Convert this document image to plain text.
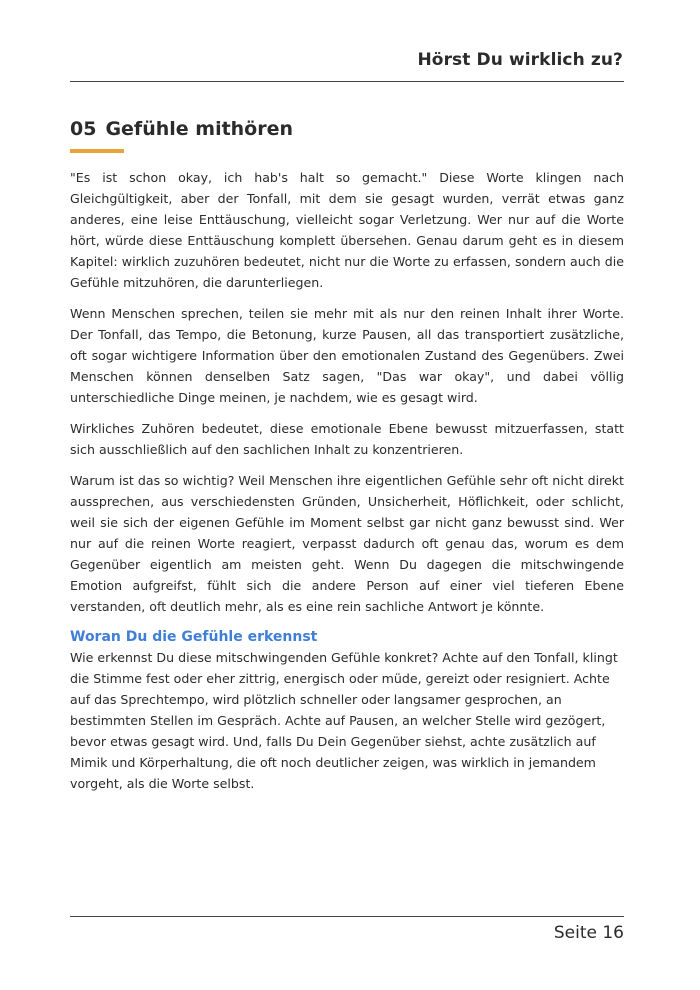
Hörst Du wirklich zu?
05 Gefühle mithören

"Es ist schon okay, ich hab's halt so gemacht." Diese Worte klingen nach Gleichgültigkeit, aber der Tonfall, mit dem sie gesagt wurden, verrät etwas ganz anderes, eine leise Enttäuschung, vielleicht sogar Verletzung. Wer nur auf die Worte hört, würde diese Enttäuschung komplett übersehen. Genau darum geht es in diesem Kapitel: wirklich zuzuhören bedeutet, nicht nur die Worte zu erfassen, sondern auch die Gefühle mitzuhören, die darunterliegen.

Wenn Menschen sprechen, teilen sie mehr mit als nur den reinen Inhalt ihrer Worte. Der Tonfall, das Tempo, die Betonung, kurze Pausen, all das transportiert zusätzliche, oft sogar wichtigere Information über den emotionalen Zustand des Gegenübers. Zwei Menschen können denselben Satz sagen, "Das war okay", und dabei völlig unterschiedliche Dinge meinen, je nachdem, wie es gesagt wird.

Wirkliches Zuhören bedeutet, diese emotionale Ebene bewusst mitzuerfassen, statt sich ausschließlich auf den sachlichen Inhalt zu konzentrieren.

Warum ist das so wichtig? Weil Menschen ihre eigentlichen Gefühle sehr oft nicht direkt aussprechen, aus verschiedensten Gründen, Unsicherheit, Höflichkeit, oder schlicht, weil sie sich der eigenen Gefühle im Moment selbst gar nicht ganz bewusst sind. Wer nur auf die reinen Worte reagiert, verpasst dadurch oft genau das, worum es dem Gegenüber eigentlich am meisten geht. Wenn Du dagegen die mitschwingende Emotion aufgreifst, fühlt sich die andere Person auf einer viel tieferen Ebene verstanden, oft deutlich mehr, als es eine rein sachliche Antwort je könnte.

Woran Du die Gefühle erkennst

Wie erkennst Du diese mitschwingenden Gefühle konkret? Achte auf den Tonfall, klingt die Stimme fest oder eher zittrig, energisch oder müde, gereizt oder resigniert. Achte auf das Sprechtempo, wird plötzlich schneller oder langsamer gesprochen, an bestimmten Stellen im Gespräch. Achte auf Pausen, an welcher Stelle wird gezögert, bevor etwas gesagt wird. Und, falls Du Dein Gegenüber siehst, achte zusätzlich auf Mimik und Körperhaltung, die oft noch deutlicher zeigen, was wirklich in jemandem vorgeht, als die Worte selbst.

Seite 16
